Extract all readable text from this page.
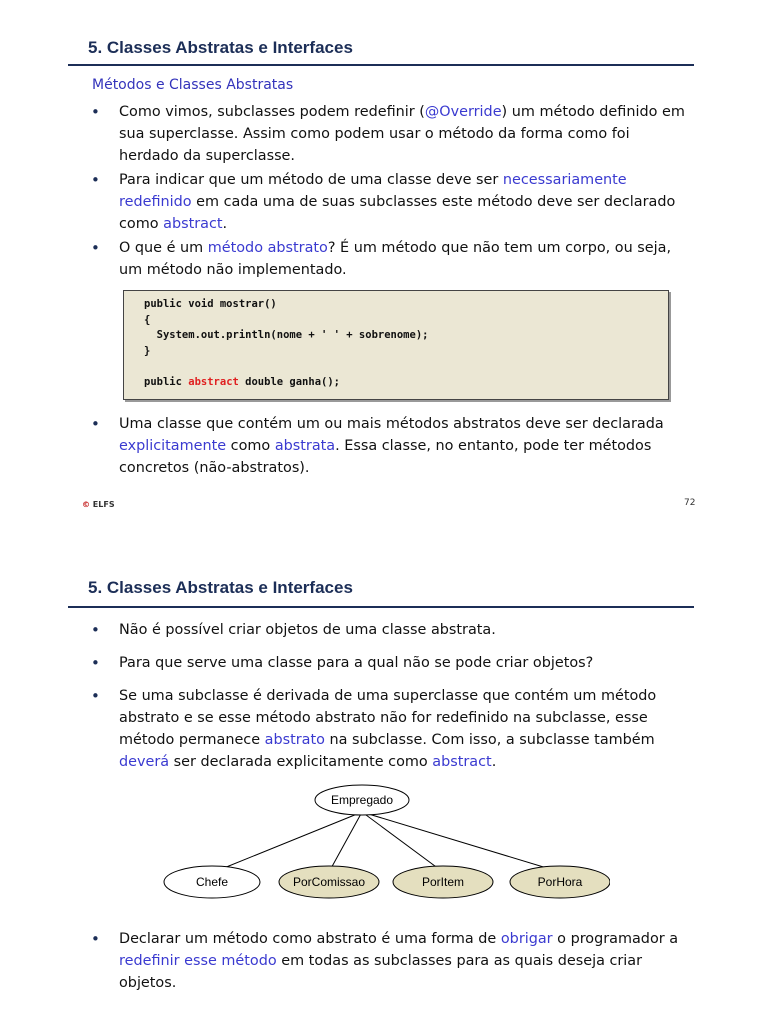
5. Classes Abstratas e Interfaces
Métodos e Classes Abstratas
• Como vimos, subclasses podem redefinir (@Override) um método definido em sua superclasse. Assim como podem usar o método da forma como foi herdado da superclasse.
• Para indicar que um método de uma classe deve ser necessariamente redefinido em cada uma de suas subclasses este método deve ser declarado como abstract.
• O que é um método abstrato? É um método que não tem um corpo, ou seja, um método não implementado.
public void mostrar()
{
System.out.println(nome + ' ' + sobrenome);
}

public abstract double ganha();
• Uma classe que contém um ou mais métodos abstratos deve ser declarada explicitamente como abstrata. Essa classe, no entanto, pode ter métodos concretos (não-abstratos).
© ELFS	72
5. Classes Abstratas e Interfaces
• Não é possível criar objetos de uma classe abstrata.
• Para que serve uma classe para a qual não se pode criar objetos?
• Se uma subclasse é derivada de uma superclasse que contém um método abstrato e se esse método abstrato não for redefinido na subclasse, esse método permanece abstrato na subclasse. Com isso, a subclasse também deverá ser declarada explicitamente como abstract.
Empregado
Chefe	PorComissao	PorItem	PorHora
• Declarar um método como abstrato é uma forma de obrigar o programador a redefinir esse método em todas as subclasses para as quais deseja criar objetos.
